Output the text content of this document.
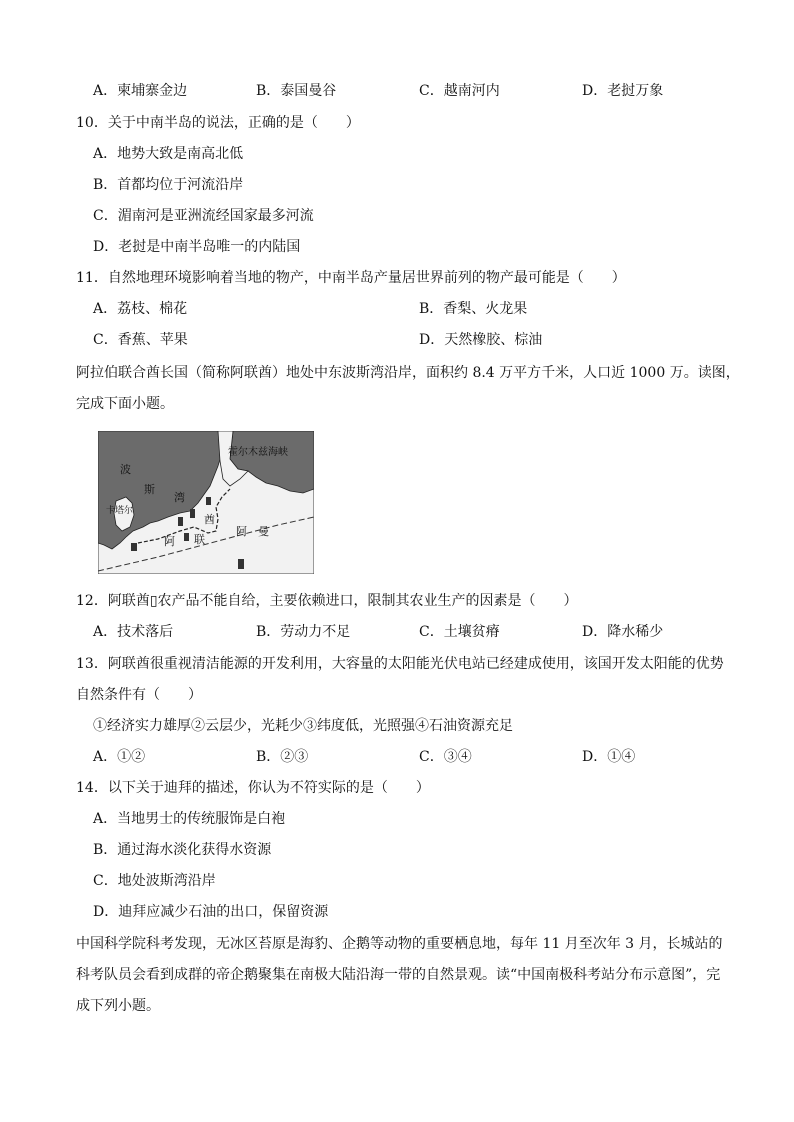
A．柬埔寨金边	B．泰国曼谷	C．越南河内	D．老挝万象
10．关于中南半岛的说法，正确的是（　　）
A．地势大致是南高北低
B．首都均位于河流沿岸
C．湄南河是亚洲流经国家最多河流
D．老挝是中南半岛唯一的内陆国
11．自然地理环境影响着当地的物产，中南半岛产量居世界前列的物产最可能是（　　）
A．荔枝、棉花	B．香梨、火龙果
C．香蕉、苹果	D．天然橡胶、棕油
阿拉伯联合酋长国（简称阿联酋）地处中东波斯湾沿岸，面积约 8.4 万平方千米，人口近 1000 万。读图，
完成下面小题。
霍尔木兹海峡
波
斯
湾
卡塔尔
阿 联
酋
阿 曼
12．阿联酋▯农产品不能自给，主要依赖进口，限制其农业生产的因素是（　　）
A．技术落后	B．劳动力不足	C．土壤贫瘠	D．降水稀少
13．阿联酋很重视清洁能源的开发利用，大容量的太阳能光伏电站已经建成使用，该国开发太阳能的优势
自然条件有（　　）
①经济实力雄厚②云层少，光耗少③纬度低，光照强④石油资源充足
A．①②	B．②③	C．③④	D．①④
14．以下关于迪拜的描述，你认为不符实际的是（　　）
A．当地男士的传统服饰是白袍
B．通过海水淡化获得水资源
C．地处波斯湾沿岸
D．迪拜应减少石油的出口，保留资源
中国科学院科考发现，无冰区苔原是海豹、企鹅等动物的重要栖息地，每年 11 月至次年 3 月，长城站的
科考队员会看到成群的帝企鹅聚集在南极大陆沿海一带的自然景观。读“中国南极科考站分布示意图”，完
成下列小题。
